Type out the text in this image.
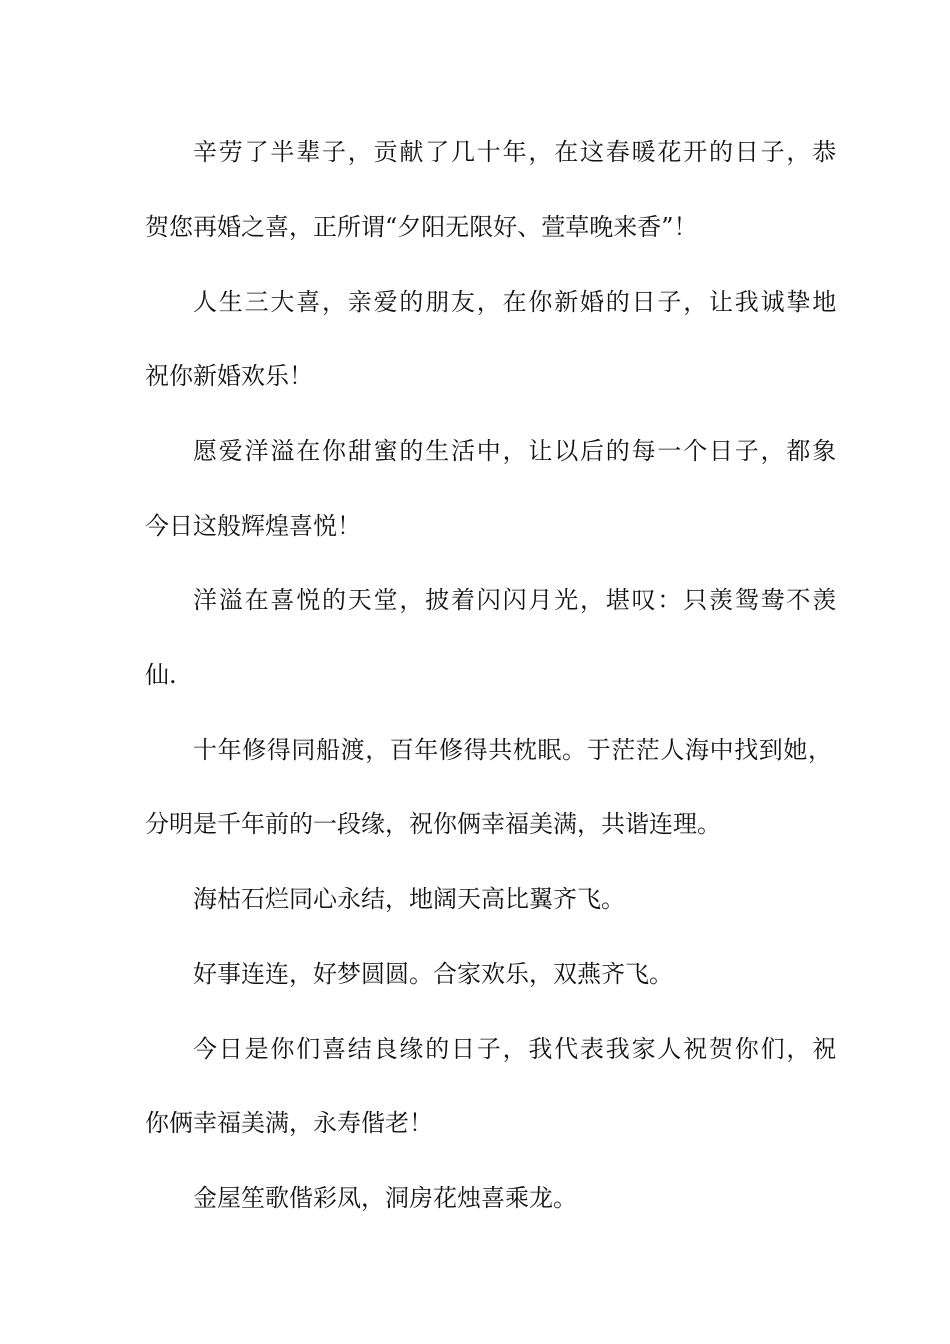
辛劳了半辈子，贡献了几十年，在这春暖花开的日子，恭

贺您再婚之喜，正所谓“夕阳无限好、萱草晚来香”！

人生三大喜，亲爱的朋友，在你新婚的日子，让我诚挚地

祝你新婚欢乐！

愿爱洋溢在你甜蜜的生活中，让以后的每一个日子，都象

今日这般辉煌喜悦！

洋溢在喜悦的天堂，披着闪闪月光，堪叹：只羡鸳鸯不羡

仙.

十年修得同船渡，百年修得共枕眠。于茫茫人海中找到她，

分明是千年前的一段缘，祝你俩幸福美满，共谐连理。

海枯石烂同心永结，地阔天高比翼齐飞。

好事连连，好梦圆圆。合家欢乐，双燕齐飞。

今日是你们喜结良缘的日子，我代表我家人祝贺你们，祝

你俩幸福美满，永寿偕老！

金屋笙歌偕彩凤，洞房花烛喜乘龙。
